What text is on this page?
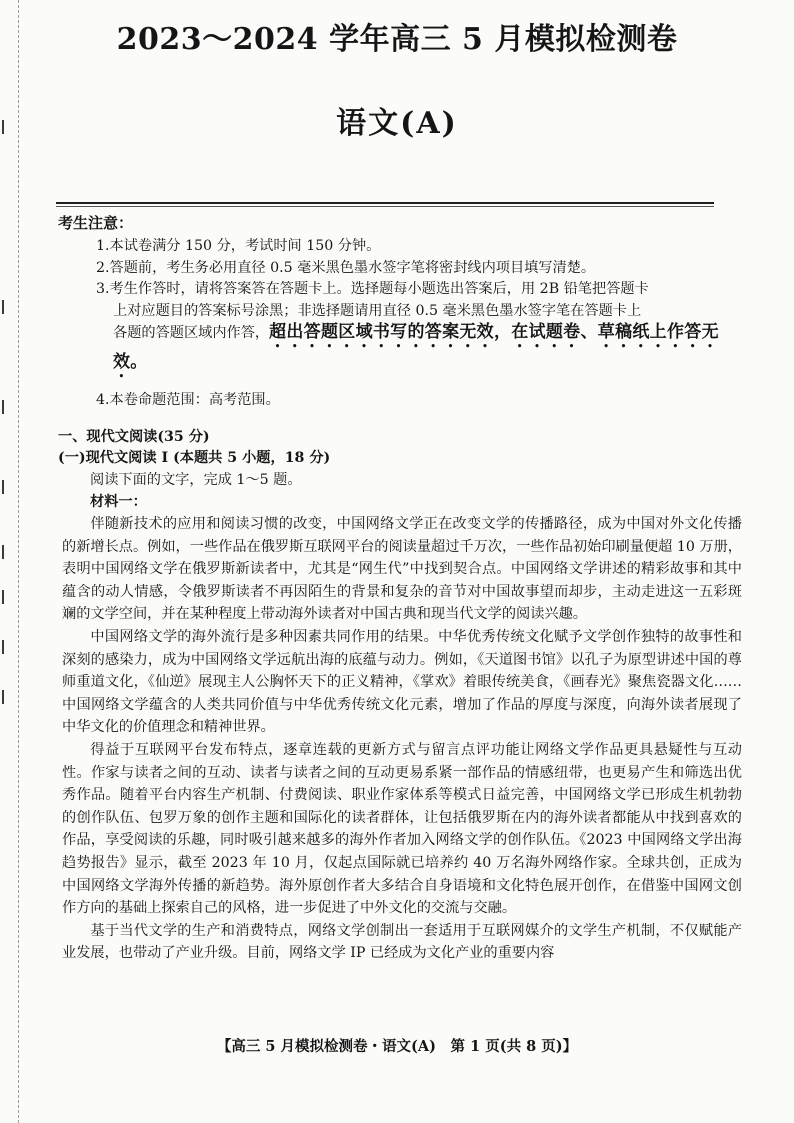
2023～2024 学年高三 5 月模拟检测卷
语文(A)
考生注意：

1.本试卷满分 150 分，考试时间 150 分钟。

2.答题前，考生务必用直径 0.5 毫米黑色墨水签字笔将密封线内项目填写清楚。

3.考生作答时，请将答案答在答题卡上。选择题每小题选出答案后，用 2B 铅笔把答题卡

上对应题目的答案标号涂黑；非选择题请用直径 0.5 毫米黑色墨水签字笔在答题卡上

各题的答题区域内作答，超出答题区域书写的答案无效，在试题卷、草稿纸上作答无效。

4.本卷命题范围：高考范围。

一、现代文阅读(35 分)
(一)现代文阅读 Ⅰ (本题共 5 小题，18 分)
阅读下面的文字，完成 1～5 题。
材料一：

伴随新技术的应用和阅读习惯的改变，中国网络文学正在改变文学的传播路径，成为中国对外文化传播的新增长点。例如，一些作品在俄罗斯互联网平台的阅读量超过千万次，一些作品初始印刷量便超 10 万册，表明中国网络文学在俄罗斯新读者中，尤其是“网生代”中找到契合点。中国网络文学讲述的精彩故事和其中蕴含的动人情感，令俄罗斯读者不再因陌生的背景和复杂的音节对中国故事望而却步，主动走进这一五彩斑斓的文学空间，并在某种程度上带动海外读者对中国古典和现当代文学的阅读兴趣。

中国网络文学的海外流行是多种因素共同作用的结果。中华优秀传统文化赋予文学创作独特的故事性和深刻的感染力，成为中国网络文学远航出海的底蕴与动力。例如，《天道图书馆》以孔子为原型讲述中国的尊师重道文化，《仙逆》展现主人公胸怀天下的正义精神，《掌欢》着眼传统美食，《画春光》聚焦瓷器文化……中国网络文学蕴含的人类共同价值与中华优秀传统文化元素，增加了作品的厚度与深度，向海外读者展现了中华文化的价值理念和精神世界。

得益于互联网平台发布特点，逐章连载的更新方式与留言点评功能让网络文学作品更具悬疑性与互动性。作家与读者之间的互动、读者与读者之间的互动更易系紧一部作品的情感纽带，也更易产生和筛选出优秀作品。随着平台内容生产机制、付费阅读、职业作家体系等模式日益完善，中国网络文学已形成生机勃勃的创作队伍、包罗万象的创作主题和国际化的读者群体，让包括俄罗斯在内的海外读者都能从中找到喜欢的作品，享受阅读的乐趣，同时吸引越来越多的海外作者加入网络文学的创作队伍。《2023 中国网络文学出海趋势报告》显示，截至 2023 年 10 月，仅起点国际就已培养约 40 万名海外网络作家。全球共创，正成为中国网络文学海外传播的新趋势。海外原创作者大多结合自身语境和文化特色展开创作，在借鉴中国网文创作方向的基础上探索自己的风格，进一步促进了中外文化的交流与交融。

基于当代文学的生产和消费特点，网络文学创制出一套适用于互联网媒介的文学生产机制，不仅赋能产业发展，也带动了产业升级。目前，网络文学 IP 已经成为文化产业的重要内容

【高三 5 月模拟检测卷・语文(A)　第 1 页(共 8 页)】
